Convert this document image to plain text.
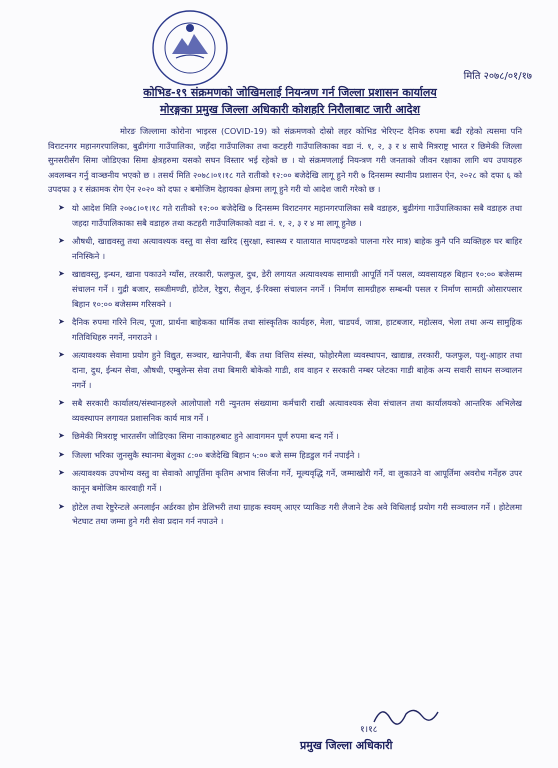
मिति २०७८/०१/१७
कोभिड-१९ संक्रमणको जोखिमलाई नियन्त्रण गर्न जिल्ला प्रशासन कार्यालय
मोरङ्गका प्रमुख जिल्ला अधिकारी कोशहरि निरौलाबाट जारी आदेश

मोरङ जिल्लामा कोरोना भाइरस (COVID-19) को संक्रमणको दोस्रो लहर कोभिड भेरिएन्ट दैनिक रुपमा बढी रहेको त्यसमा पनि विराटनगर महानगरपालिका, बुढीगंगा गाउँपालिका, जहँदा गाउँपालिका तथा कटहरी गाउँपालिकाका वडा नं. १, २, ३ र ४ साथै मित्रराष्ट्र भारत र छिमेकी जिल्ला सुनसरीसँग सिमा जोडिएका सिमा क्षेत्रहरुमा यसको सघन विस्तार भई रहेको छ । यो संक्रमणलाई नियन्त्रण गरी जनताको जीवन रक्षाका लागि थप उपायहरु अवलम्बन गर्नु वाञ्छनीय भएको छ । तसर्थ मिति २०७८।०१।१८ गते रातीको १२:०० बजेदेखि लागू हुने गरी ७ दिनसम्म स्थानीय प्रशासन ऐन, २०२८ को दफा ६ को उपदफा ३ र संक्रामक रोग ऐन २०२० को दफा २ बमोजिम देहायका क्षेत्रमा लागू हुने गरी यो आदेश जारी गरेको छ ।

➤ यो आदेश मिति २०७८।०१।१८ गते रातीको १२:०० बजेदेखि ७ दिनसम्म विराटनगर महानगरपालिका सबै वडाहरु, बुढीगंगा गाउँपालिकाका सबै वडाहरु तथा जहदा गाउँपालिकाका सबै वडाहरु तथा कटहरी गाउँपालिकाको वडा नं. १, २, ३ र ४ मा लागू हुनेछ ।
➤ औषधी, खाद्यवस्तु तथा अत्यावश्यक वस्तु वा सेवा खरिद (सुरक्षा, स्वास्थ्य र यातायात मापदण्डको पालना गरेर मात्र) बाहेक कुनै पनि व्यक्तिहरु घर बाहिर ननिस्किने ।
➤ खाद्यवस्तु, इन्धन, खाना पकाउने ग्याँस, तरकारी, फलफुल, दुध, डेरी लगायत अत्यावश्यक सामाग्री आपूर्ति गर्ने पसल, व्यवसायहरु बिहान १०:०० बजेसम्म संचालन गर्ने । गुद्री बजार, सब्जीमण्डी, होटेल, रेष्टुरा, सैलुन, ई-रिक्सा संचालन नगर्ने । निर्माण सामग्रीहरु सम्बन्धी पसल र निर्माण सामग्री ओसारपसार बिहान १०:०० बजेसम्म गरिसक्ने ।
➤ दैनिक रुपमा गरिने नित्य, पूजा, प्रार्थना बाहेकका धार्मिक तथा सांस्कृतिक कार्यहरु, मेला, चाडपर्व, जात्रा, हाटबजार, महोत्सव, भेला तथा अन्य सामुहिक गतिविधिहरु नगर्ने, नगराउने ।
➤ अत्यावश्यक सेवामा प्रयोग हुने विद्युत, सञ्चार, खानेपानी, बैंक तथा वित्तिय संस्था, फोहोरमैला व्यवस्थापन, खाद्यान्न, तरकारी, फलफुल, पशु-आहार तथा दाना, दुध, ईन्धन सेवा, औषधी, एम्बुलेन्स सेवा तथा बिमारी बोकेको गाडी, शव वाहन र सरकारी नम्बर प्लेटका गाडी बाहेक अन्य सवारी साधन सञ्चालन नगर्ने ।
➤ सबै सरकारी कार्यालय/संस्थानहरुले आलोपालो गरी न्युनतम संख्यामा कर्मचारी राखी अत्यावश्यक सेवा संचालन तथा कार्यालयको आन्तरिक अभिलेख व्यवस्थापन लगायत प्रशासनिक कार्य मात्र गर्ने ।
➤ छिमेकी मित्रराष्ट्र भारतसँग जोडिएका सिमा नाकाहरुबाट हुने आवागमन पूर्ण रुपमा बन्द गर्ने ।
➤ जिल्ला भरिका जुनसुकै स्थानमा बेलुका ८:०० बजेदेखि बिहान ५:०० बजे सम्म हिडडुल गर्न नपाईने ।
➤ अत्यावश्यक उपभोग्य वस्तु वा सेवाको आपूर्तिमा कृतिम अभाव सिर्जना गर्ने, मूल्यवृद्धि गर्ने, जम्माखोरी गर्ने, वा लुकाउने वा आपूर्तिमा अवरोध गर्नेहरु उपर कानून बमोजिम कारवाही गर्ने ।
➤ होटेल तथा रेष्टुरेन्टले अनलाईन अर्डरका होम डेलिभरी तथा ग्राहक स्वयम् आएर प्याकिङ गरी लैजाने टेक अवे विधिलाई प्रयोग गरी सञ्चालन गर्ने । होटेलमा भेटघाट तथा जम्मा हुने गरी सेवा प्रदान गर्न नपाउने ।
१।१८
प्रमुख जिल्ला अधिकारी
